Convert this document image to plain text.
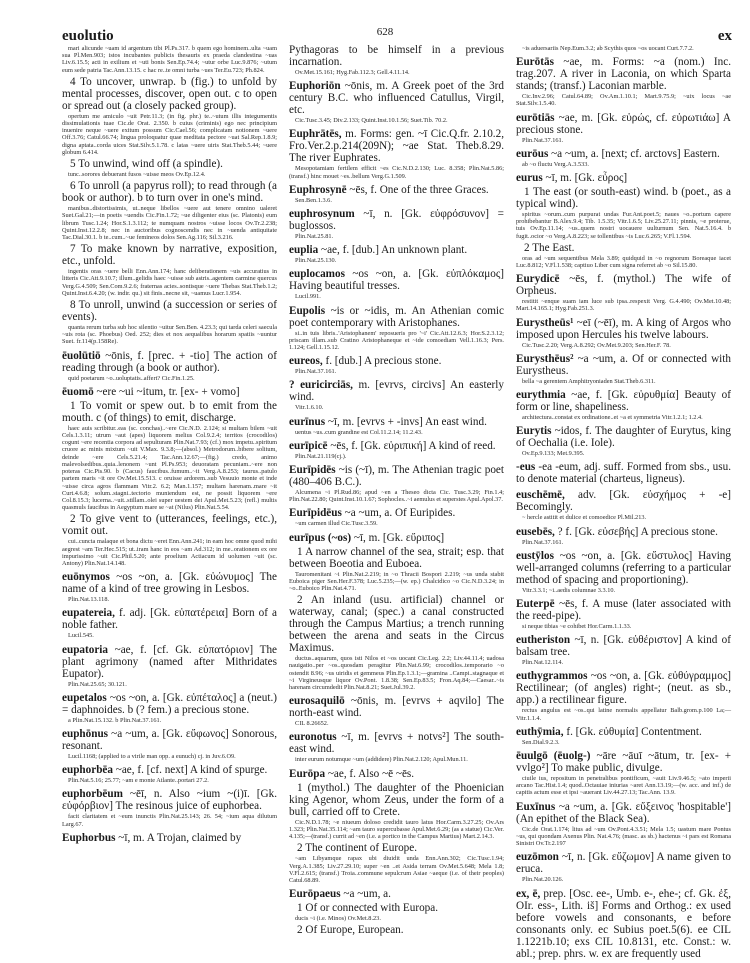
euolutio	628	ex
mari alicunde ~uam id argentum tibi Pl.Ps.317. b quem ego hominem..ulta ~uam sua Pl.Men.903; istos incubantes publicis thesauris ex praeda clandestina ~uas Liv.6.15.5; acti in exilium et ~uti bonis Sen.Ep.74.4; ~utur orbe Luc.9.876; ~utum eum sede patria Tac.Ann.13.15. c hac re..te omni turba ~ues Ter.Eu.723; Ph.824.
4 To uncover, unwrap. b (fig.) to unfold by mental processes, discover, open out. c to open or spread out (a closely packed group).
opertum me amiculo ~uit Petr.11.3; (in fig. phr.) te..~utum illis integumentis dissimulationis tuae Cic.de Orat. 2.350. b cuius (criminis) ego nec principium inuenire neque ~uere exitum possum Cic.Cael.56; complicatam notionem ~uere Off.3.76; Catul.66.74; lingua proloquatur quae meditata pectore ~uat Sal.Rep.1.8.9; digna aptata..corda uices Stat.Silv.5.1.78. c latas ~uere uiris Stat.Theb.5.44; ~uere globum 6.414.
5 To unwind, wind off (a spindle).
tunc..sorores debuerant fusos ~uisse meos Ov.Ep.12.4.
6 To unroll (a papyrus roll); to read through (a book or author). b to turn over in one's mind.
manibus..distortissimis, ut..neque libellos ~uere aut tenere omnino ualeret Suet.Gal.21;—in poetis ~uendis Cic.Fin.1.72; ~ue diligenter eius (sc. Platonis) eum librum Tusc.1.24; Hor.S.1.3.112; te numquam nostros ~uisse locos Ov.Tr.2.238; Quint.Inst.12.2.8; nec in auctoribus cognoscendis nec in ~uenda antiquitate Tac.Dial.30.1. b te..cum..~ue femineos dolos Sen.Ag.116; Sil.3.216.
7 To make known by narrative, exposition, etc., unfold.
ingentis oras ~uere belli Enn.Ann.174; hanc deliberationem ~uis accuratius in litteris Cic.Att.9.10.7; illum..gelidis haec ~uisse sub astris..agentem carmine quercus Verg.G.4.509; Sen.Com.9.2.6; fraternas acies..sontisque ~uere Thebas Stat.Theb.1.2; Quint.Inst.6.4.20; (w. indir. qu.) sit finis..necne sit, ~uamus Lucr.1.954.
8 To unroll, unwind (a succession or series of events).
quanta rerum turba sub hoc silentio ~uitur Sen.Ben. 4.23.3; qui tarda celeri saecula ~uis rota (sc. Phoebus) Oed. 252; dies et nox aequalibus horarum spatiis ~uuntur Suet. fr.114(p.158Re).
ēuolūtiō ~ōnis, f. [prec. + -tio] The action of reading through (a book or author).
quid poetarum ~o..uoluptatis..affert? Cic.Fin.1.25.
ēuomō ~ere ~ui ~itum, tr. [ex- + vomo]
1 To vomit or spew out. b to emit from the mouth. c (of things) to emit, discharge.
haec auis scribitur..eas (sc. conchas)..~ere Cic.N.D. 2.124; si multam bilem ~uit Cels.1.3.11; utrum ~aut (apes) liquorem melius Col.9.2.4; territos (crocodilos) cogunt ~ere recentia corpora ad sepulturam Plin.Nat.7.93; (cf.) mox impetu..spiritum cruore ac minis mixtum ~uit V.Max. 9.3.8;—(absol.) Metrodorum..bibere solitum, deinde ~ere Cels.5.21.4; Tac.Ann.12.67;—(fig.) credo, animo malevolsedibus..quia..lenonem ~unt Pl.Ps.953; deuoratam pecuniam..~ere non poteras Cic.Pis.90. b (Cacus) faucibus..fumum..~it Verg.A.8.253; taurus..patulo partem maris ~it ore Ov.Met.15.513. c oruisse ardorem..sub Vesuuio monte et inde ~uisse circa agros flammam Vitr.2. 6.2; Man.1.157; multam harenam..mare ~it Curt.4.6.8; solum..stagni..tectorio muniendum est, ne possit liquorem ~ere Col.8.15.3; lucerna..~uit..stillam..olei super uestem dei Apul.Met.5.23; (refl.) multis quasmuls faucibus in Aegyptum mare se ~at (Nilus) Plin.Nat.5.54.
2 To give vent to (utterances, feelings, etc.), vomit out.
cui..cuncta malaque et bona dictu ~eret Enn.Ann.241; in eam hoc omne quod mihi aegrest ~am Ter.Hec.515; ut..iram hanc in eos ~am Ad.312; in me..orationem ex ore impurissimo ~uit Cic.Phil.5.20; ante proelium Actiacum id uolumen ~uit (sc. Antony) Plin.Nat.14.148.
euōnymos ~os ~on, a. [Gk. εὐώνυμος] The name of a kind of tree growing in Lesbos.
Plin.Nat.13.118.
eupatereia, f. adj. [Gk. εὐπατέρεια] Born of a noble father.
Lucil.545.
eupatoria ~ae, f. [cf. Gk. εὐπατόριον] The plant agrimony (named after Mithridates Eupator).
Plin.Nat.25.65; 30.121.
eupetalos ~os ~on, a. [Gk. εὐπέταλος] a (neut.) = daphnoides. b (? fem.) a precious stone.
a Plin.Nat.15.132. b Plin.Nat.37.161.
euphōnus ~a ~um, a. [Gk. εὔφωνος] Sonorous, resonant.
Lucil.1168; (applied to a virile man opp. a eunuch) cj. in Juv.6.O9.
euphorbēa ~ae, f. [cf. next] A kind of spurge.
Plin.Nat.5.16; 25.77; ~am e monte Atlante..portari 27.2.
euphorbēum ~ēī, n. Also ~ium ~(i)ī. [Gk. εὐφόρβιον] The resinous juice of euphorbea.
facit claritatem et ~eum inunctis Plin.Nat.25.143; 26. 54; ~ium aqua dilutum Larg.67.
Euphorbus ~ī, m. A Trojan, claimed by
Pythagoras to be himself in a previous incarnation.
Ov.Met.15.161; Hyg.Fab.112.3; Gell.4.11.14.
Euphoriōn ~ōnis, m. A Greek poet of the 3rd century B.C. who influenced Catullus, Virgil, etc.
Cic.Tusc.3.45; Div.2.133; Quint.Inst.10.1.56; Suet.Tib. 70.2.
Euphrātēs, m. Forms: gen. ~ī Cic.Q.fr. 2.10.2, Fro.Ver.2.p.214(209N); ~ae Stat. Theb.8.29. The river Euphrates.
Mesopotamiam fertilem efficit ~es Cic.N.D.2.130; Luc. 8.358; Plin.Nat.5.86; (transf.) hinc mouet ~es..bellum Verg.G.1.509.
Euphrosynē ~ēs, f. One of the three Graces.
Sen.Ben.1.3.6.
euphrosynum ~ī, n. [Gk. εὐφρόσυνον] = buglossos.
Plin.Nat.25.81.
euplia ~ae, f. [dub.] An unknown plant.
Plin.Nat.25.130.
euplocamos ~os ~on, a. [Gk. εὐπλόκαμος] Having beautiful tresses.
Lucil.991.
Eupolis ~is or ~idis, m. An Athenian comic poet contemporary with Aristophanes.
si..in tuis libris..'Aristophanem' reposueris pro '~i' Cic.Att.12.6.3; Hor.S.2.3.12; priscam illam..sub Cratino Aristophaneque et ~ide comoediam Vell.1.16.3; Pers. 1.124; Gell.1.15.12.
eureos, f. [dub.] A precious stone.
Plin.Nat.37.161.
? euricirciās, m. [evrvs, circivs] An easterly wind.
Vitr.1.6.10.
eurīnus ~ī, m. [evrvs + -invs] An east wind.
uentus ~us..cum grandine est Col.11.2.14; 11.2.43.
eurīpicē ~ēs, f. [Gk. εὐριπική] A kind of reed.
Plin.Nat.21.119(cj.).
Eurīpidēs ~is (~ī), m. The Athenian tragic poet (480–406 B.C.).
Alcumena ~i Pl.Rud.86; apud ~en a Theseo dicta Cic. Tusc.3.29; Fin.1.4; Plin.Nat.22.80; Quint.Inst.10.1.67; Sophocles..~i aemulus et superstes Apul.Apol.37.
Eurīpidēus ~a ~um, a. Of Euripides.
~um carmen illud Cic.Tusc.3.59.
eurīpus (~os) ~ī, m. [Gk. εὔριπος]
1 A narrow channel of the sea, strait; esp. that between Boeotia and Euboea.
Tauromenitani ~i Plin.Nat.2.219; in ~o Thracii Bospori 2.219; ~us unda stabit Euboica piger Sen.Her.F.378; Luc.5.235;—(w. ep.) Chalcidico ~o Cic.N.D.3.24; in ~o..Euboico Plin.Nat.4.71.
2 An inland (usu. artificial) channel or waterway, canal; (spec.) a canal constructed through the Campus Martius; a trench running between the arena and seats in the Circus Maximus.
ductus..aquarum, quos isti Nilos et ~os uocant Cic.Leg. 2.2; Liv.44.11.4; uadosa nauigatio..per ~os..quosdam peragitur Plin.Nat.6.99; crocodilos..temporario ~o ostendit 8.96; ~us uiridis et gemmeus Plin.Ep.1.3.1;—gramina ..Campi..stagnaque et ~i Virgineusque liquor Ov.Pont. 1.8.38; Sen.Ep.83.5; Fron.Aq.84;—Caesar..~is harenam circumdedit Plin.Nat.8.21; Suet.Jul.39.2.
eurosaquilō ~ōnis, m. [evrvs + aqvilo] The north-east wind.
CIL 8.26652.
euronotus ~ī, m. [evrvs + notvs²] The south-east wind.
inter eurum notumque ~um (addidere) Plin.Nat.2.120; Apul.Mun.11.
Eurōpa ~ae, f. Also ~ē ~ēs.
1 (mythol.) The daughter of the Phoenician king Agenor, whom Zeus, under the form of a bull, carried off to Crete.
Cic.N.D.1.78; ~e niueum doloso credidit tauro latus Hor.Carm.3.27.25; Ov.Ars 1.323; Plin.Nat.35.114; ~am tauro supercubasse Apul.Met.6.29; (as a statue) Cic.Ver. 4.135;—(transf.) currit ad ~en (i.e. a portico in the Campus Martius) Mart.2.14.3.
2 The continent of Europe.
~am Libyamque rapax ubi diuidit unda Enn.Ann.302; Cic.Tusc.1.94; Verg.A.1.385; Liv.27.29.10; super ~en ..et Asida terram Ov.Met.5.648; Mela 1.8; V.Fl.2.615; (transf.) Troia..commune sepulcrum Asiae ~aeque (i.e. of their peoples) Catul.68.89.
Eurōpaeus ~a ~um, a.
1 Of or connected with Europa.
ducis ~i (i.e. Minos) Ov.Met.8.23.
2 Of Europe, European.
~is aduersariis Nep.Eum.3.2; ab Scythis quos ~os uocant Curt.7.7.2.
Eurōtās ~ae, m. Forms: ~a (nom.) Inc. trag.207. A river in Laconia, on which Sparta stands; (transf.) Laconian marble.
Cic.Inv.2.96; Catul.64.89; Ov.Am.1.10.1; Mart.9.75.9; ~uix locus ~ae Stat.Silv.1.5.40.
eurōtiās ~ae, m. [Gk. εὐρώς, cf. εὐρωτιάω] A precious stone.
Plin.Nat.37.161.
eurōus ~a ~um, a. [next; cf. arctovs] Eastern.
ab ~o fluctu Verg.A.3.533.
eurus ~ī, m. [Gk. εὖρος]
1 The east (or south-east) wind. b (poet., as a typical wind).
spiritus ~orum..cum purpurat undas Fur.Ant.poet.5; naues ~o..portum capere prohibebantur B.Alex.9.4; Tib. 1.5.35; Vitr.1.6.5; Liv.25.27.11; pinnis, ~e proterue, tuis Ov.Ep.11.14; ~us..quem nostri uocauere uulturnum Sen. Nat.5.16.4. b fugit..ocior ~o Verg.A.8.223; se tollentibus ~is Luc.6.265; V.Fl.1.594.
2 The East.
oras ad ~um sequentibus Mela 3.89; quidquid in ~o regnorum Boreaque iacet Luc.8.812; V.Fl.1.538; captiuo Liber cum signa referret ab ~o Sil.15.80.
Eurydicē ~ēs, f. (mythol.) The wife of Orpheus.
restitit ~enque suam iam luce sub ipsa..respexit Verg. G.4.490; Ov.Met.10.48; Mart.14.165.1; Hyg.Fab.251.3.
Eurystheūs¹ ~eī (~ēī), m. A king of Argos who imposed upon Hercules his twelve labours.
Cic.Tusc.2.20; Verg.A.8.292; Ov.Met.9.203; Sen.Her.F. 78.
Eurysthēus² ~a ~um, a. Of or connected with Eurystheus.
bella ~a gerentem Amphitryoniaden Stat.Theb.6.311.
eurythmia ~ae, f. [Gk. εὐρυθμία] Beauty of form or line, shapeliness.
architectura..constat ex ordinatione..et ~a et symmetria Vitr.1.2.1; 1.2.4.
Eurytis ~idos, f. The daughter of Eurytus, king of Oechalia (i.e. Iole).
Ov.Ep.9.133; Met.9.395.
-eus -ea -eum, adj. suff. Formed from sbs., usu. to denote material (charteus, ligneus).
euschēmē, adv. [Gk. εὐσχήμος + -e] Becomingly.
~ hercle astitit et dulice et comoedice Pl.Mil.213.
eusebēs, ? f. [Gk. εὐσεβής] A precious stone.
Plin.Nat.37.161.
eustȳlos ~os ~on, a. [Gk. εὔστυλος] Having well-arranged columns (referring to a particular method of spacing and proportioning).
Vitr.3.3.1; ~i..aedis columnae 3.3.10.
Euterpē ~ēs, f. A muse (later associated with the reed-pipe).
si neque tibias ~e cohibet Hor.Carm.1.1.33.
eutheriston ~ī, n. [Gk. εὐθέριστον] A kind of balsam tree.
Plin.Nat.12.114.
euthygrammos ~os ~on, a. [Gk. εὐθύγραμμος] Rectilinear; (of angles) right-; (neut. as sb., app.) a rectilinear figure.
rectus angulus est ~os..qui latine normalis appellatur Balb.grom.p.100 La;—Vitr.1.1.4.
euthȳmia, f. [Gk. εὐθυμία] Contentment.
Sen.Dial.9.2.3.
ēuulgō (ēuolg-) ~āre ~āuī ~ātum, tr. [ex- + vvlgo²] To make public, divulge.
ciuile ius, repositum in penetralibus pontificum, ~auit Liv.9.46.5; ~ato imperii arcano Tac.Hist.1.4; quod..Octauiae iniurias ~aret Ann.13.19;—(w. acc. and inf.) de capitis actum esse et ipsi ~auerant Liv.44.27.13; Tac.Ann. 13.9.
Euxīnus ~a ~um, a. [Gk. εὔξεινος 'hospitable'] (An epithet of the Black Sea).
Cic.de Orat.1.174; litus ad ~um Ov.Pont.4.3.51; Mela 1.5; uastum mare Pontus ~us, qui quondam Axenus Plin. Nat.4.76; (masc. as sb.) hactenus ~i pars est Romana Sinistri Ov.Tr.2.197
euzōmon ~ī, n. [Gk. εὔζωμον] A name given to eruca.
Plin.Nat.20.126.
ex, ē, prep. [Osc. ee-, Umb. e-, ehe-; cf. Gk. ἐξ, OIr. ess-, Lith. iš] Forms and Orthog.: ex used before vowels and consonants, e before consonants only. ec Subius poet.5(6). ee CIL 1.1221b.10; exs CIL 10.8131, etc. Const.: w. abl.; prep. phrs. w. ex are frequently used
